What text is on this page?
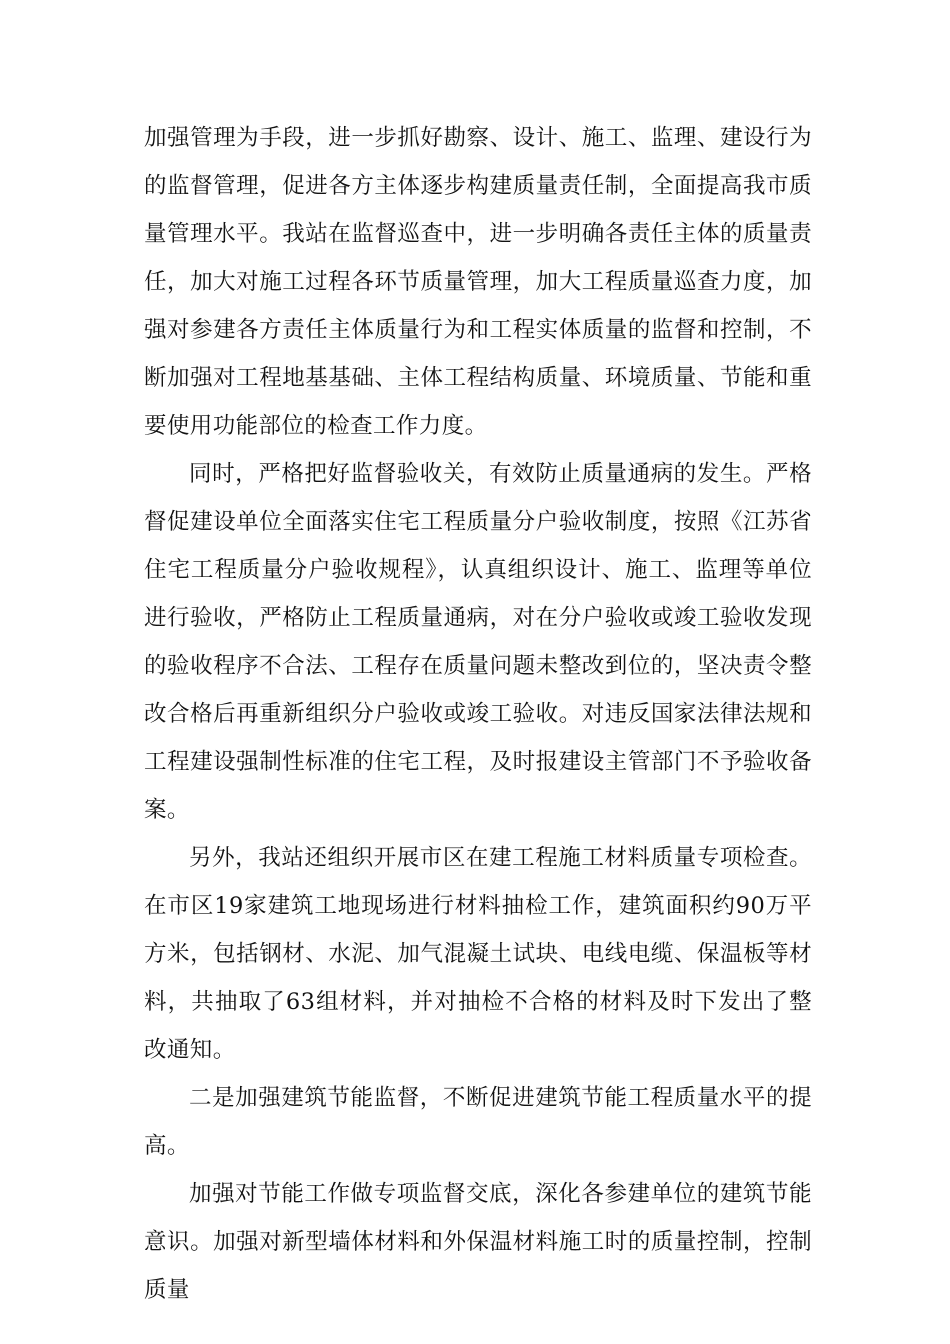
加强管理为手段，进一步抓好勘察、设计、施工、监理、建设行为的监督管理，促进各方主体逐步构建质量责任制，全面提高我市质量管理水平。我站在监督巡查中，进一步明确各责任主体的质量责任，加大对施工过程各环节质量管理，加大工程质量巡查力度，加强对参建各方责任主体质量行为和工程实体质量的监督和控制，不断加强对工程地基基础、主体工程结构质量、环境质量、节能和重要使用功能部位的检查工作力度。

同时，严格把好监督验收关，有效防止质量通病的发生。严格督促建设单位全面落实住宅工程质量分户验收制度，按照《江苏省住宅工程质量分户验收规程》，认真组织设计、施工、监理等单位进行验收，严格防止工程质量通病，对在分户验收或竣工验收发现的验收程序不合法、工程存在质量问题未整改到位的，坚决责令整改合格后再重新组织分户验收或竣工验收。对违反国家法律法规和工程建设强制性标准的住宅工程，及时报建设主管部门不予验收备案。

另外，我站还组织开展市区在建工程施工材料质量专项检查。在市区19家建筑工地现场进行材料抽检工作，建筑面积约90万平方米，包括钢材、水泥、加气混凝土试块、电线电缆、保温板等材料，共抽取了63组材料，并对抽检不合格的材料及时下发出了整改通知。

二是加强建筑节能监督，不断促进建筑节能工程质量水平的提高。

加强对节能工作做专项监督交底，深化各参建单位的建筑节能意识。加强对新型墙体材料和外保温材料施工时的质量控制，控制质量
